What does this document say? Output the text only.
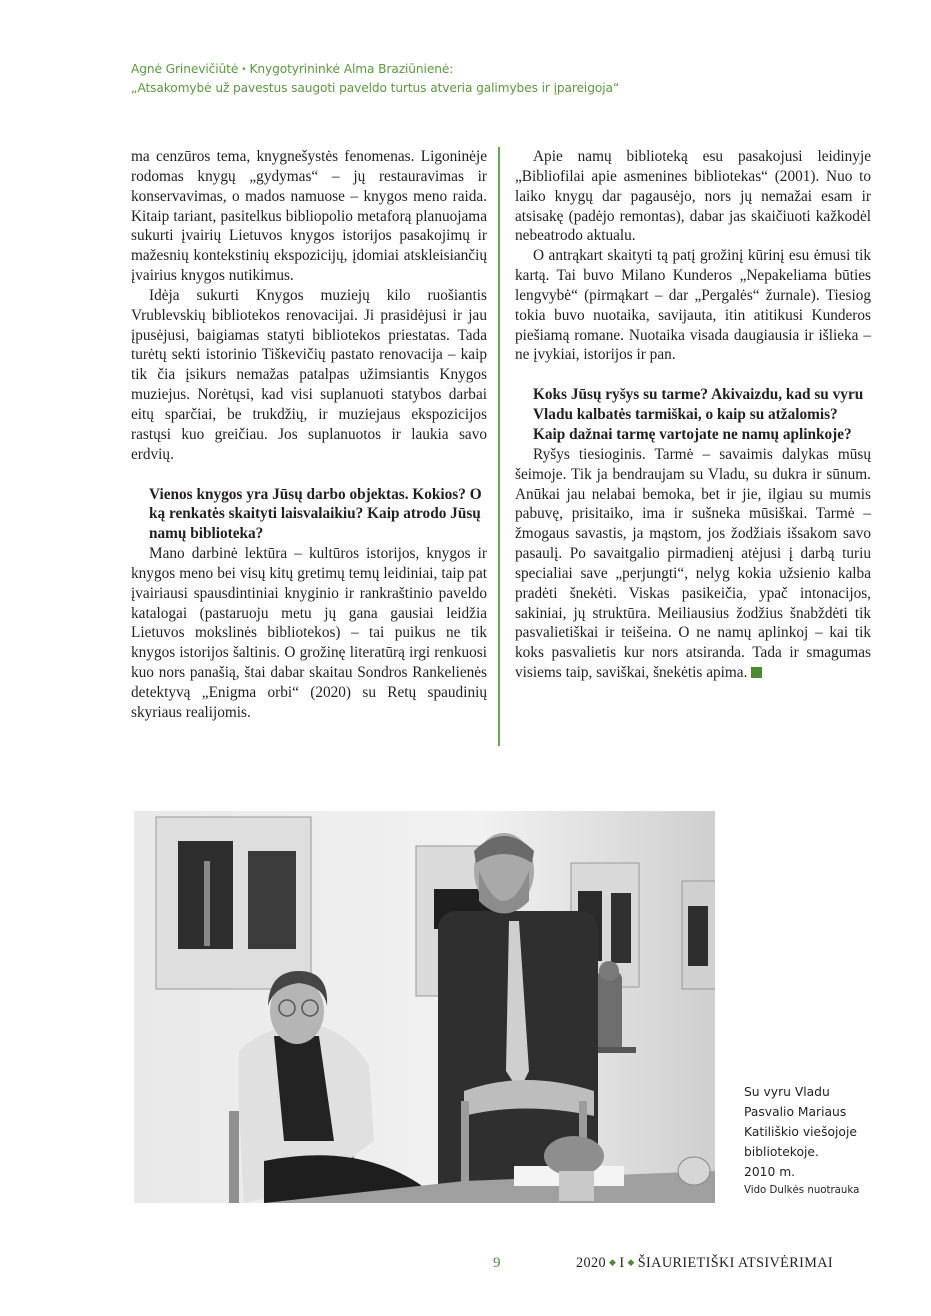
Agnė Grinevičiūtė • Knygotyrininkė Alma Braziūnienė:
„Atsakomybė už pavestus saugoti paveldo turtus atveria galimybes ir įpareigoja“

ma cenzūros tema, knygnešystės fenomenas. Ligoninėje rodomas knygų „gydymas“ – jų restauravimas ir konservavimas, o mados namuose – knygos meno raida. Kitaip tariant, pasitelkus bibliopolio metaforą planuojama sukurti įvairių Lietuvos knygos istorijos pasakojimų ir mažesnių kontekstinių ekspozicijų, įdomiai atskleisiančių įvairius knygos nutikimus.

Idėja sukurti Knygos muziejų kilo ruošiantis Vrublevskių bibliotekos renovacijai. Ji prasidėjusi ir jau įpusėjusi, baigiamas statyti bibliotekos priestatas. Tada turėtų sekti istorinio Tiškevičių pastato renovacija – kaip tik čia įsikurs nemažas patalpas užimsiantis Knygos muziejus. Norėtųsi, kad visi suplanuoti statybos darbai eitų sparčiai, be trukdžių, ir muziejaus ekspozicijos rastųsi kuo greičiau. Jos suplanuotos ir laukia savo erdvių.

Vienos knygos yra Jūsų darbo objektas. Kokios? O ką renkatės skaityti laisvalaikiu? Kaip atrodo Jūsų namų biblioteka?

Mano darbinė lektūra – kultūros istorijos, knygos ir knygos meno bei visų kitų gretimų temų leidiniai, taip pat įvairiausi spausdintiniai knyginio ir rankraštinio paveldo katalogai (pastaruoju metu jų gana gausiai leidžia Lietuvos mokslinės bibliotekos) – tai puikus ne tik knygos istorijos šaltinis. O grožinę literatūrą irgi renkuosi kuo nors panašią, štai dabar skaitau Sondros Rankelienės detektyvą „Enigma orbi“ (2020) su Retų spaudinių skyriaus realijomis.

Apie namų biblioteką esu pasakojusi leidinyje „Bibliofilai apie asmenines bibliotekas“ (2001). Nuo to laiko knygų dar pagausėjo, nors jų nemažai esam ir atsisakę (padėjo remontas), dabar jas skaičiuoti kažkodėl nebeatrodo aktualu.

O antrąkart skaityti tą patį grožinį kūrinį esu ėmusi tik kartą. Tai buvo Milano Kunderos „Nepakeliama būties lengvybė“ (pirmąkart – dar „Pergalės“ žurnale). Tiesiog tokia buvo nuotaika, savijauta, itin atitikusi Kunderos piešiamą romane. Nuotaika visada daugiausia ir išlieka – ne įvykiai, istorijos ir pan.

Koks Jūsų ryšys su tarme? Akivaizdu, kad su vyru Vladu kalbatės tarmiškai, o kaip su atžalomis? Kaip dažnai tarmę vartojate ne namų aplinkoje?

Ryšys tiesioginis. Tarmė – savaimis dalykas mūsų šeimoje. Tik ja bendraujam su Vladu, su dukra ir sūnum. Anūkai jau nelabai bemoka, bet ir jie, ilgiau su mumis pabuvę, prisitaiko, ima ir sušneka mūsiškai. Tarmė – žmogaus savastis, ja mąstom, jos žodžiais išsakom savo pasaulį. Po savaitgalio pirmadienį atėjusi į darbą turiu specialiai save „perjungti“, nelyg kokia užsienio kalba pradėti šnekėti. Viskas pasikeičia, ypač intonacijos, sakiniai, jų struktūra. Meiliausius žodžius šnabždėti tik pasvalietiškai ir teišeina. O ne namų aplinkoj – kai tik koks pasvalietis kur nors atsiranda. Tada ir smagumas visiems taip, saviškai, šnekėtis apima.

Su vyru Vladu
Pasvalio Mariaus
Katiliškio viešojoje
bibliotekoje.
2010 m.
Vido Dulkės nuotrauka
9	2020 ◆ I ◆ ŠIAURIETIŠKI ATSIVĖRIMAI
